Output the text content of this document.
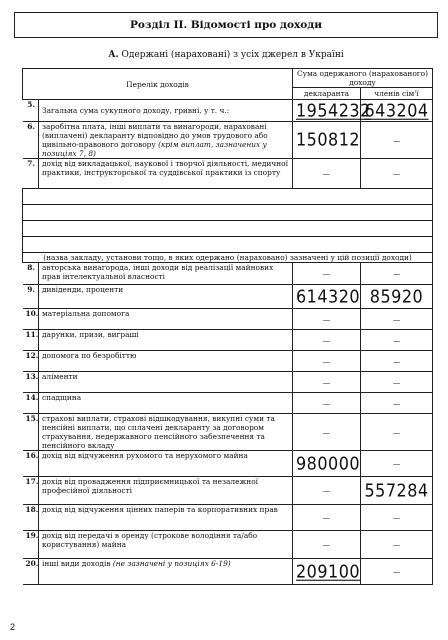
Розділ ІІ. Відомості про доходи
А. Одержані (нараховані) з усіх джерел в Україні
Перелік доходів		Сума одержаного (нарахованого) доходу	
		декларанта	членів сім'ї
5.	Загальна сума сукупного доходу, гривні, у т. ч.:	1954232	643204
6.	заробітна плата, інші виплати та винагороди, нараховані (виплачені) декларанту відповідно до умов трудового або цивільно-правового договору (крім виплат, зазначених у позиціях 7, 8)	150812	—
7.	дохід від викладацької, наукової і творчої діяльності, медичної практики, інструкторської та суддівської практики із спорту	—	—

(назва закладу, установи тощо, в яких одержано (нараховано) зазначені у цій позиції доходи)			
8.	авторська винагорода, інші доходи від реалізації майнових прав інтелектуальної власності	—	—
9.	дивіденди, проценти	614320	85920
10.	матеріальна допомога	—	—
11.	дарунки, призи, виграші	—	—
12.	допомога по безробіттю	—	—
13.	аліменти	—	—
14.	спадщина	—	—
15.	страхові виплати, страхові відшкодування, викупні суми та пенсійні виплати, що сплачені декларанту за договором страхування, недержавного пенсійного забезпечення та пенсійного вкладу	—	—
16.	дохід від відчуження рухомого та нерухомого майна	980000	—
17.	дохід від провадження підприємницької та незалежної професійної діяльності	—	557284
18.	дохід від відчуження цінних паперів та корпоративних прав	—	—
19.	дохід від передачі в оренду (строкове володіння та/або користування) майна	—	—
20.	інші види доходів (не зазначені у позиціях 6-19)	209100	—
2
